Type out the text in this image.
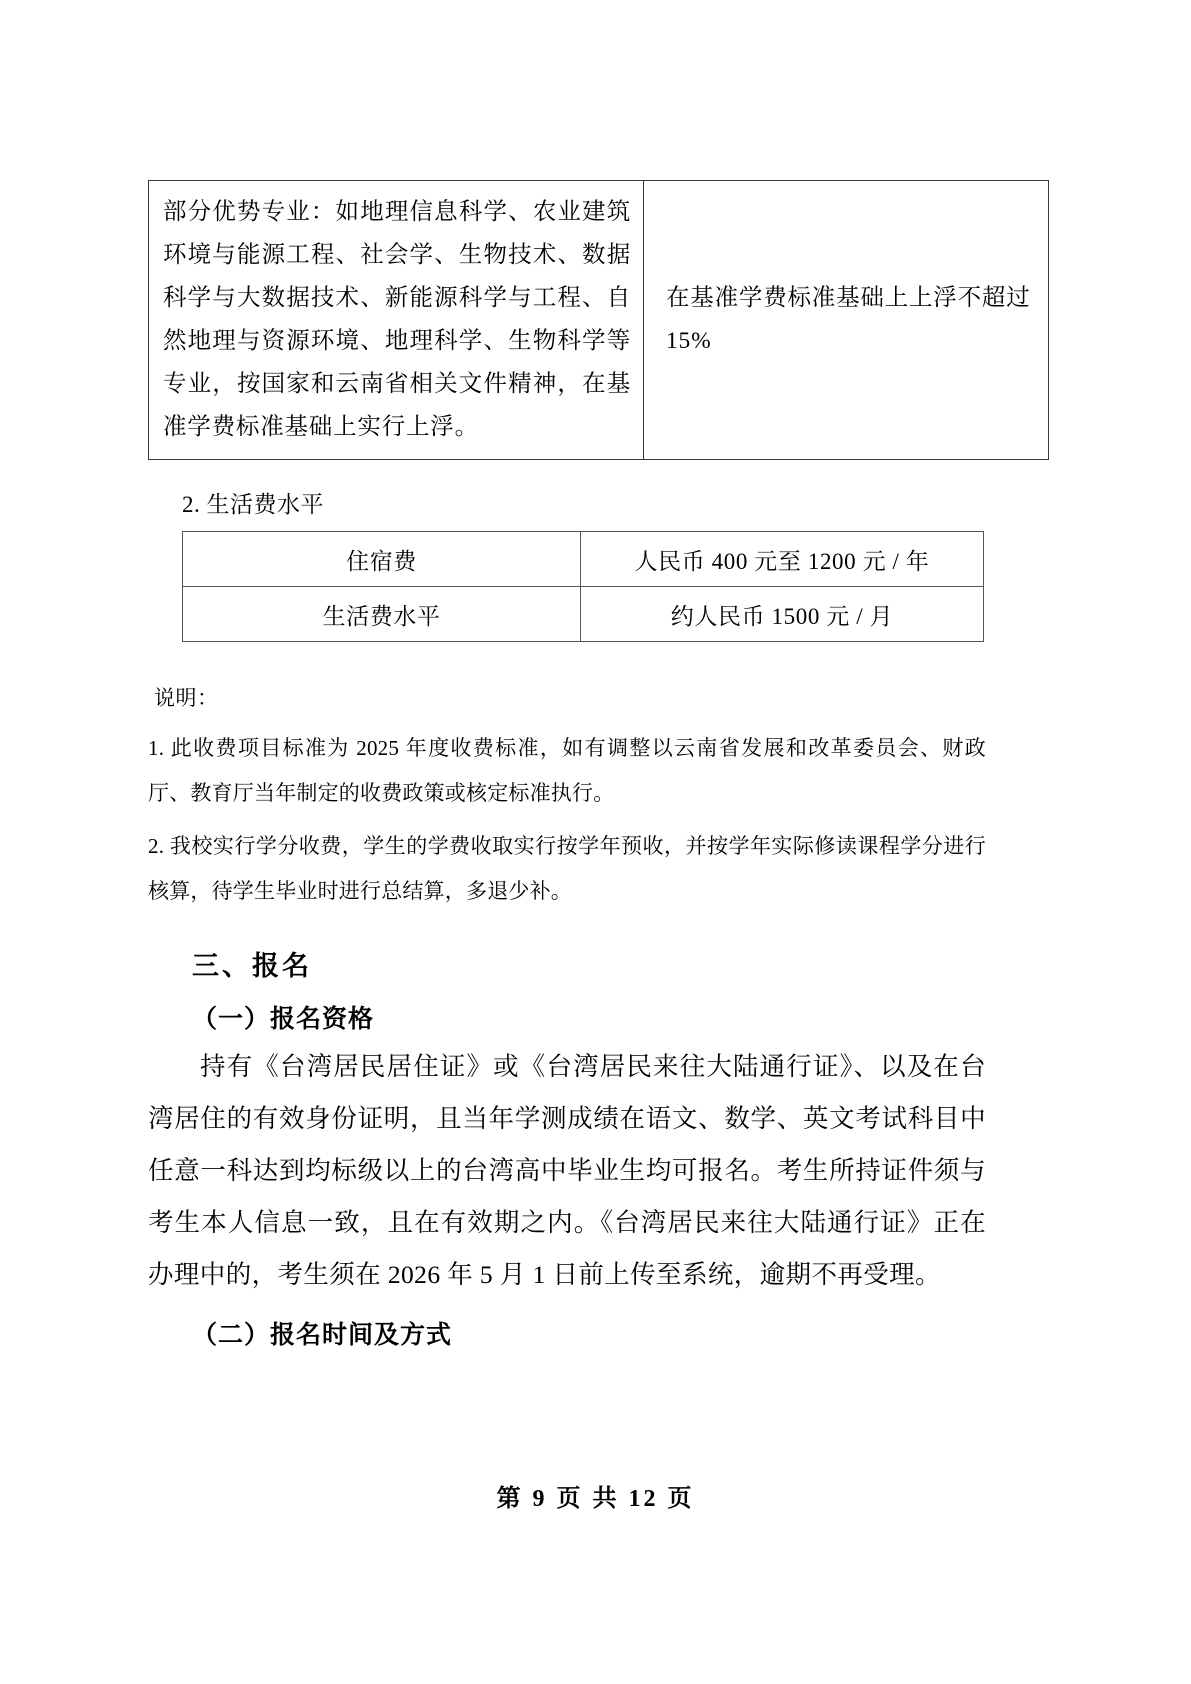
部分优势专业：如地理信息科学、农业建筑环境与能源工程、社会学、生物技术、数据科学与大数据技术、新能源科学与工程、自然地理与资源环境、地理科学、生物科学等专业，按国家和云南省相关文件精神，在基准学费标准基础上实行上浮。	在基准学费标准基础上上浮不超过 15%
2. 生活费水平
住宿费	人民币 400 元至 1200 元 / 年
生活费水平	约人民币 1500 元 / 月
说明：

1. 此收费项目标准为 2025 年度收费标准，如有调整以云南省发展和改革委员会、财政厅、教育厅当年制定的收费政策或核定标准执行。

2. 我校实行学分收费，学生的学费收取实行按学年预收，并按学年实际修读课程学分进行核算，待学生毕业时进行总结算，多退少补。

三、报名
（一）报名资格

持有《台湾居民居住证》或《台湾居民来往大陆通行证》、以及在台湾居住的有效身份证明，且当年学测成绩在语文、数学、英文考试科目中任意一科达到均标级以上的台湾高中毕业生均可报名。考生所持证件须与考生本人信息一致，且在有效期之内。《台湾居民来往大陆通行证》正在办理中的，考生须在 2026 年 5 月 1 日前上传至系统，逾期不再受理。

（二）报名时间及方式
第 9 页 共 12 页
